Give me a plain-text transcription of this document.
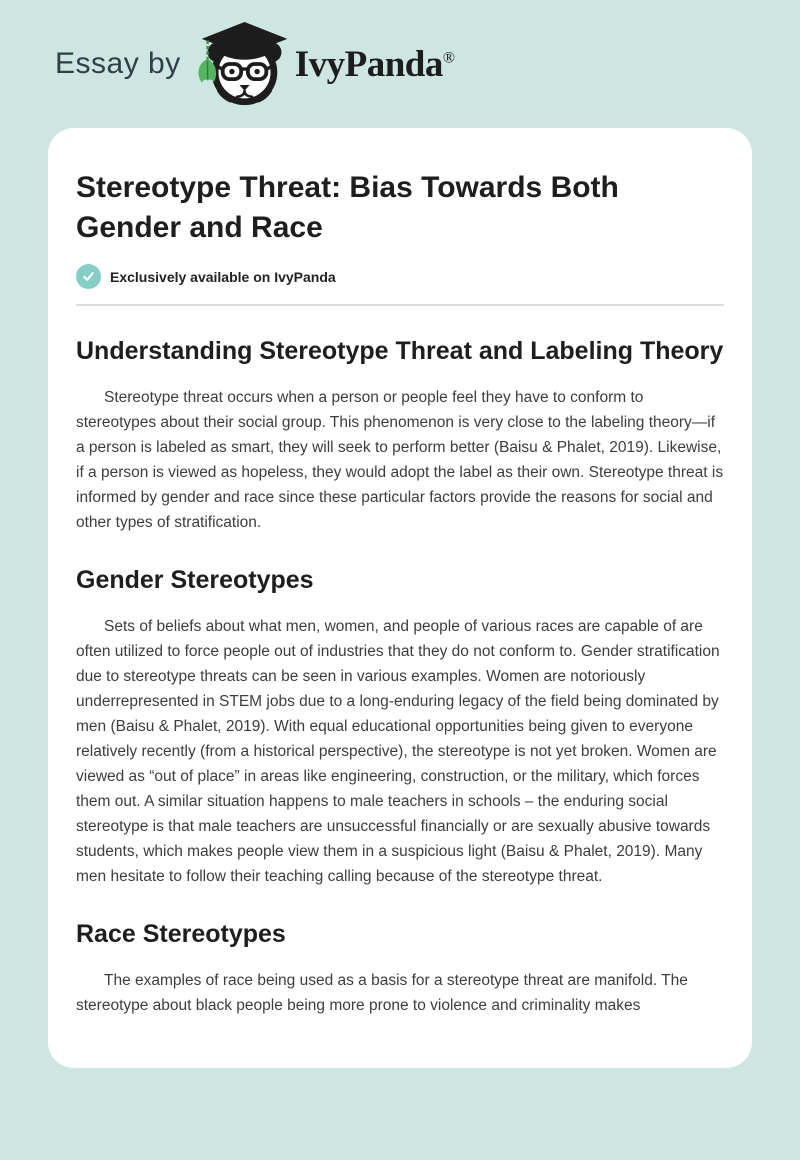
Essay by	IvyPanda®
Stereotype Threat: Bias Towards Both Gender and Race
Exclusively available on IvyPanda
Understanding Stereotype Threat and Labeling Theory

Stereotype threat occurs when a person or people feel they have to conform to stereotypes about their social group. This phenomenon is very close to the labeling theory—if a person is labeled as smart, they will seek to perform better (Baisu & Phalet, 2019). Likewise, if a person is viewed as hopeless, they would adopt the label as their own. Stereotype threat is informed by gender and race since these particular factors provide the reasons for social and other types of stratification.

Gender Stereotypes

Sets of beliefs about what men, women, and people of various races are capable of are often utilized to force people out of industries that they do not conform to. Gender stratification due to stereotype threats can be seen in various examples. Women are notoriously underrepresented in STEM jobs due to a long-enduring legacy of the field being dominated by men (Baisu & Phalet, 2019). With equal educational opportunities being given to everyone relatively recently (from a historical perspective), the stereotype is not yet broken. Women are viewed as “out of place” in areas like engineering, construction, or the military, which forces them out. A similar situation happens to male teachers in schools – the enduring social stereotype is that male teachers are unsuccessful financially or are sexually abusive towards students, which makes people view them in a suspicious light (Baisu & Phalet, 2019). Many men hesitate to follow their teaching calling because of the stereotype threat.

Race Stereotypes

The examples of race being used as a basis for a stereotype threat are manifold. The stereotype about black people being more prone to violence and criminality makes
